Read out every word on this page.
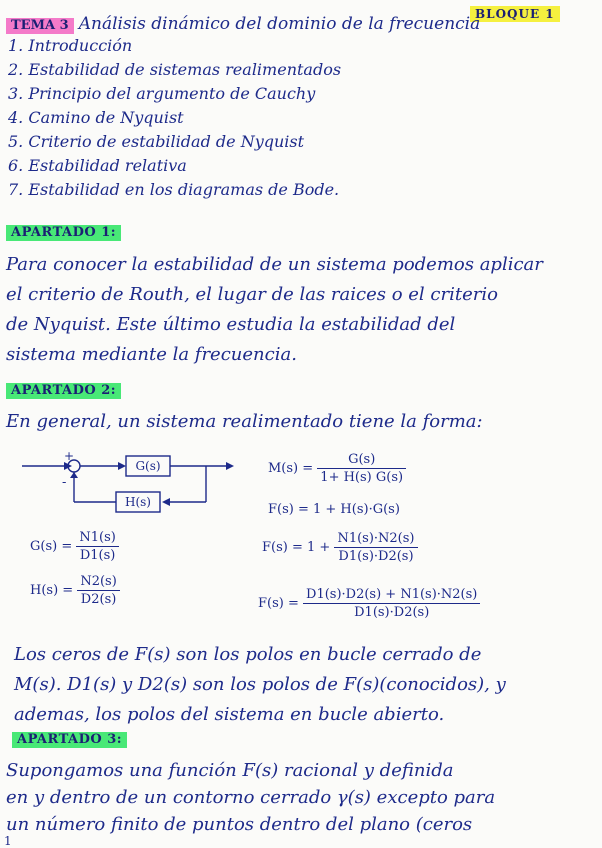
BLOQUE 1
TEMA 3 Análisis dinámico del dominio de la frecuencia
1. Introducción
2. Estabilidad de sistemas realimentados
3. Principio del argumento de Cauchy
4. Camino de Nyquist
5. Criterio de estabilidad de Nyquist
6. Estabilidad relativa
7. Estabilidad en los diagramas de Bode.
APARTADO 1:
Para conocer la estabilidad de un sistema podemos aplicar
el criterio de Routh, el lugar de las raices o el criterio
de Nyquist. Este último estudia la estabilidad del
sistema mediante la frecuencia.
APARTADO 2:
En general, un sistema realimentado tiene la forma:
G(s)
H(s)
+
-
$M(s) = \frac{G(s)}{1+ H(s) G(s)}$
F(s) = 1 + H(s)·G(s)
$F(s) = 1 + \frac{N1(s)\cdot N2(s)}{D1(s)\cdot D2(s)}$
$F(s) = \frac{D1(s)\cdot D2(s) + N1(s)\cdot N2(s)}{D1(s)\cdot D2(s)}$
$G(s) = \frac{N1(s)}{D1(s)}$
$H(s) = \frac{N2(s)}{D2(s)}$
Los ceros de F(s) son los polos en bucle cerrado de
M(s). D1(s) y D2(s) son los polos de F(s)(conocidos), y
ademas, los polos del sistema en bucle abierto.
APARTADO 3:
Supongamos una función F(s) racional y definida
en y dentro de un contorno cerrado γ(s) excepto para
un número finito de puntos dentro del plano (ceros
1
